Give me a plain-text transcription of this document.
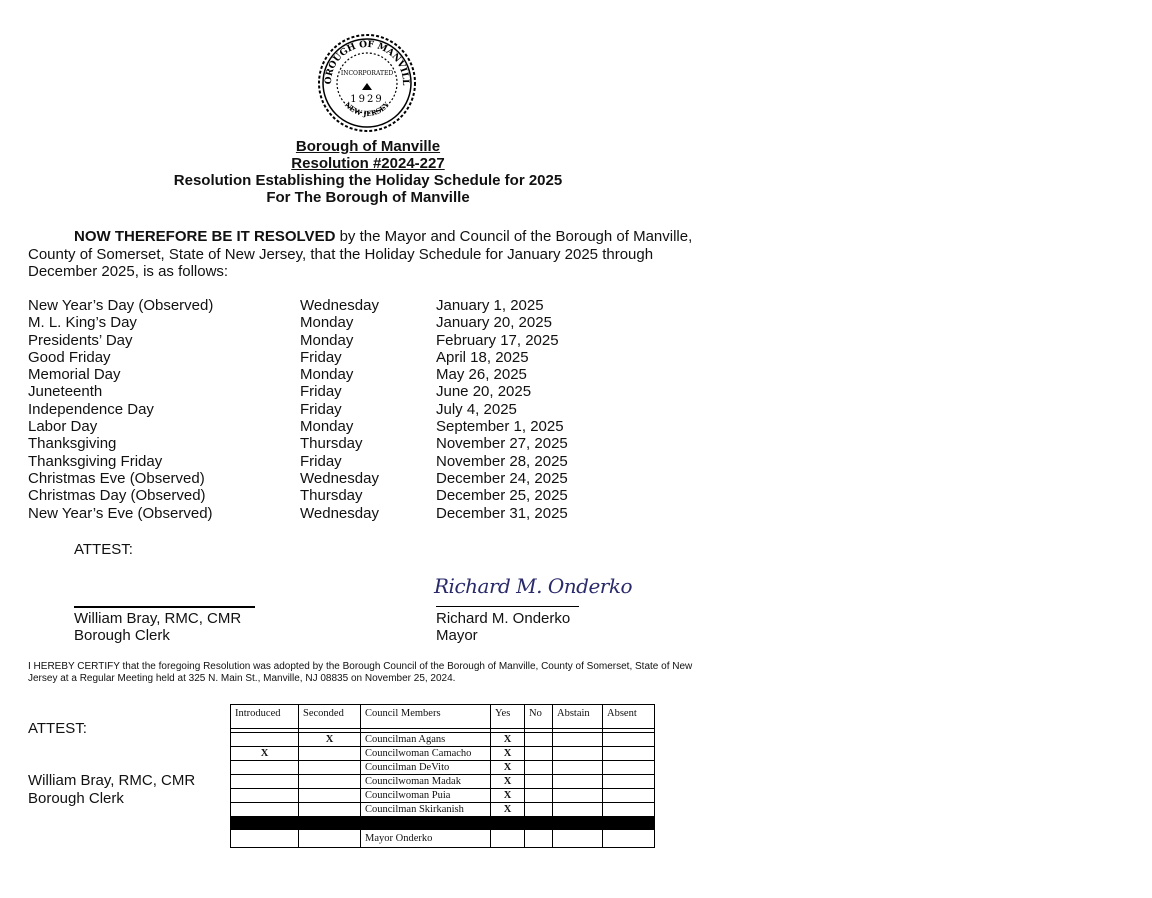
OROUGH OF MANVILL
INCORPORATED
1929
NEW JERSEY
Borough of Manville
Resolution #2024-227
Resolution Establishing the Holiday Schedule for 2025
For The Borough of Manville
NOW THEREFORE BE IT RESOLVED by the Mayor and Council of the Borough of Manville, County of Somerset, State of New Jersey, that the Holiday Schedule for January 2025 through December 2025, is as follows:
New Year’s Day (Observed)	Wednesday	January 1, 2025
M. L. King’s Day	Monday	January 20, 2025
Presidents’ Day	Monday	February 17, 2025
Good Friday	Friday	April 18, 2025
Memorial Day	Monday	May 26, 2025
Juneteenth	Friday	June 20, 2025
Independence Day	Friday	July 4, 2025
Labor Day	Monday	September 1, 2025
Thanksgiving	Thursday	November 27, 2025
Thanksgiving Friday	Friday	November 28, 2025
Christmas Eve (Observed)	Wednesday	December 24, 2025
Christmas Day (Observed)	Thursday	December 25, 2025
New Year’s Eve (Observed)	Wednesday	December 31, 2025
ATTEST:
William Bray, RMC, CMR
Borough Clerk
Richard M. Onderko
Richard M. Onderko
Mayor
I HEREBY CERTIFY that the foregoing Resolution was adopted by the Borough Council of the Borough of Manville, County of Somerset, State of New Jersey at a Regular Meeting held at 325 N. Main St., Manville, NJ 08835 on November 25, 2024.
ATTEST:
William Bray, RMC, CMR
Borough Clerk
Introduced	Seconded	Council Members	Yes	No	Abstain	Absent

	X	Councilman Agans	X			
X		Councilwoman Camacho	X			
		Councilman DeVito	X			
		Councilwoman Madak	X			
		Councilwoman Puia	X			
		Councilman Skirkanish	X			

		Mayor Onderko				
